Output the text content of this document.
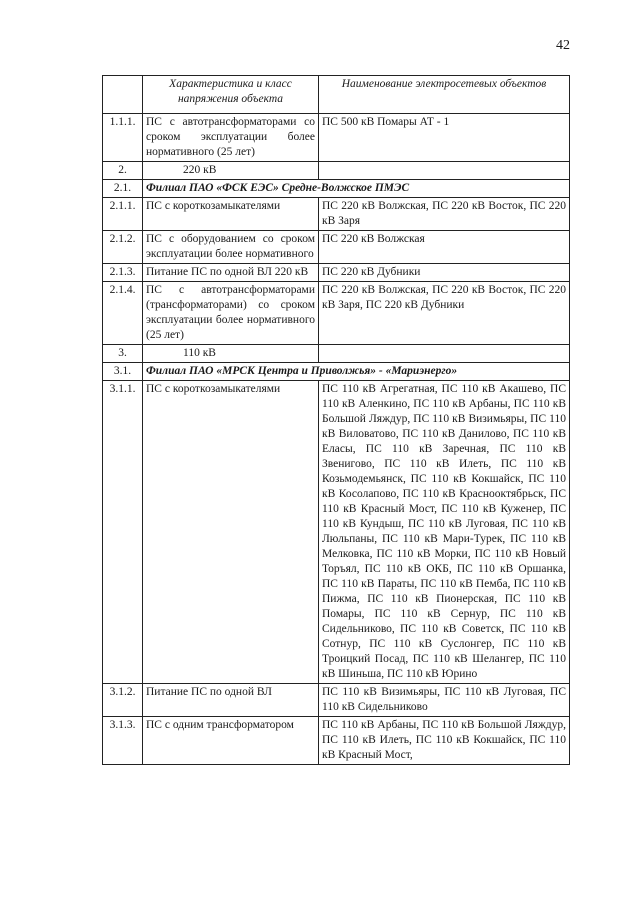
42
	Характеристика и класс напряжения объекта	Наименование электросетевых объектов
1.1.1.	ПС с автотрансформаторами со сроком эксплуатации более нормативного (25 лет)	ПС 500 кВ Помары АТ - 1
2.	220 кВ	
2.1.	Филиал ПАО «ФСК ЕЭС» Средне-Волжское ПМЭС	
2.1.1.	ПС с короткозамыкателями	ПС 220 кВ Волжская, ПС 220 кВ Восток, ПС 220 кВ Заря
2.1.2.	ПС с оборудованием со сроком эксплуатации более нормативного	ПС 220 кВ Волжская
2.1.3.	Питание ПС по одной ВЛ 220 кВ	ПС 220 кВ Дубники
2.1.4.	ПС с автотрансформаторами (трансформаторами) со сроком эксплуатации более нормативного (25 лет)	ПС 220 кВ Волжская, ПС 220 кВ Восток, ПС 220 кВ Заря, ПС 220 кВ Дубники
3.	110 кВ	
3.1.	Филиал ПАО «МРСК Центра и Приволжья» - «Мариэнерго»	
3.1.1.	ПС с короткозамыкателями	ПС 110 кВ Агрегатная, ПС 110 кВ Акашево, ПС 110 кВ Аленкино, ПС 110 кВ Арбаны, ПС 110 кВ Большой Ляждур, ПС 110 кВ Визимьяры, ПС 110 кВ Виловатово, ПС 110 кВ Данилово, ПС 110 кВ Еласы, ПС 110 кВ Заречная, ПС 110 кВ Звенигово, ПС 110 кВ Илеть, ПС 110 кВ Козьмодемьянск, ПС 110 кВ Кокшайск, ПС 110 кВ Косолапово, ПС 110 кВ Краснооктябрьск, ПС 110 кВ Красный Мост, ПС 110 кВ Куженер, ПС 110 кВ Кундыш, ПС 110 кВ Луговая, ПС 110 кВ Люльпаны, ПС 110 кВ Мари-Турек, ПС 110 кВ Мелковка, ПС 110 кВ Морки, ПС 110 кВ Новый Торъял, ПС 110 кВ ОКБ, ПС 110 кВ Оршанка, ПС 110 кВ Параты, ПС 110 кВ Пемба, ПС 110 кВ Пижма, ПС 110 кВ Пионерская, ПС 110 кВ Помары, ПС 110 кВ Сернур, ПС 110 кВ Сидельниково, ПС 110 кВ Советск, ПС 110 кВ Сотнур, ПС 110 кВ Суслонгер, ПС 110 кВ Троицкий Посад, ПС 110 кВ Шелангер, ПС 110 кВ Шиньша, ПС 110 кВ Юрино
3.1.2.	Питание ПС по одной ВЛ	ПС 110 кВ Визимьяры, ПС 110 кВ Луговая, ПС 110 кВ Сидельниково
3.1.3.	ПС с одним трансформатором	ПС 110 кВ Арбаны, ПС 110 кВ Большой Ляждур, ПС 110 кВ Илеть, ПС 110 кВ Кокшайск, ПС 110 кВ Красный Мост,
